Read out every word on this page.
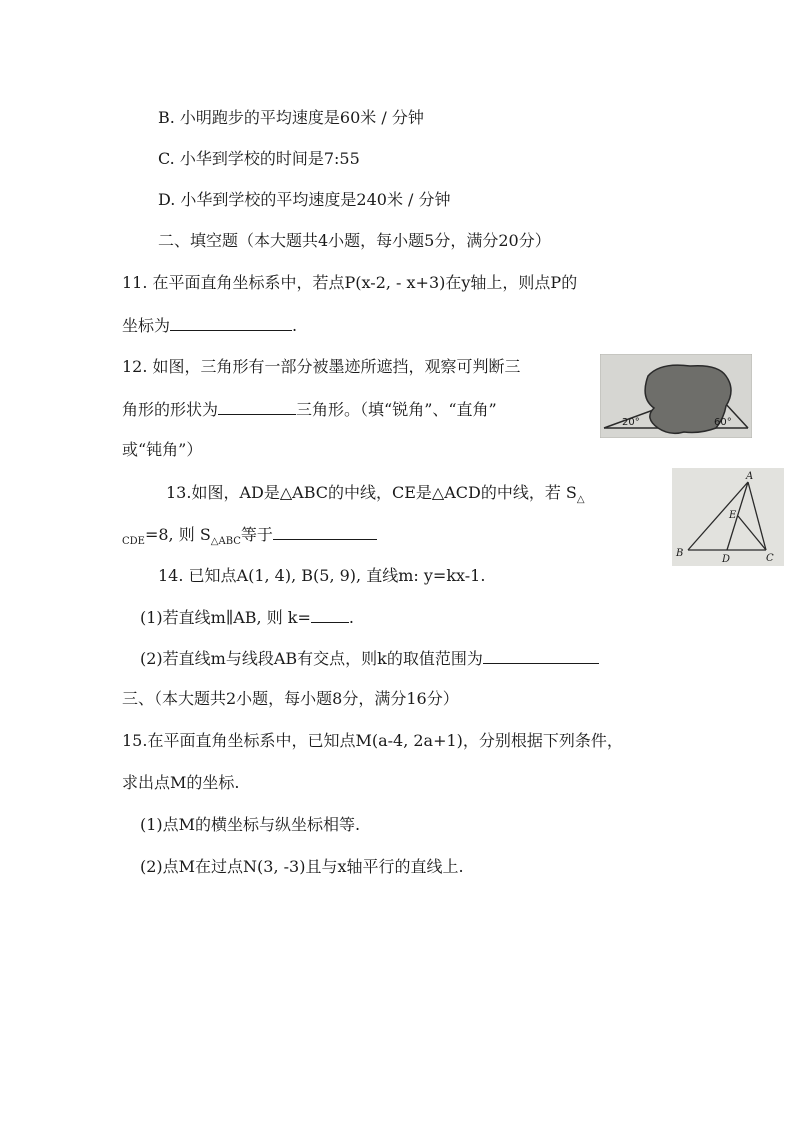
B. 小明跑步的平均速度是60米 / 分钟
C. 小华到学校的时间是7:55
D. 小华到学校的平均速度是240米 / 分钟
二、填空题（本大题共4小题，每小题5分，满分20分）
11. 在平面直角坐标系中，若点P(x-2, - x+3)在y轴上，则点P的
坐标为	.
12. 如图，三角形有一部分被墨迹所遮挡，观察可判断三
角形的形状为	三角形。（填“锐角”、“直角”
或“钝角”）
20°	60°
13.如图，AD是△ABC的中线，CE是△ACD的中线，若 $S_\triangle$
$_{CDE}$=8, 则 $S_{\triangle ABC}$等于
A
B	C
D
E
14. 已知点A(1, 4), B(5, 9), 直线m: y=kx-1.
(1)若直线m∥AB, 则 k= .
(2)若直线m与线段AB有交点，则k的取值范围为
三、（本大题共2小题，每小题8分，满分16分）
15.在平面直角坐标系中，已知点M(a-4, 2a+1)，分别根据下列条件，
求出点M的坐标.
(1)点M的横坐标与纵坐标相等.
(2)点M在过点N(3, -3)且与x轴平行的直线上.
